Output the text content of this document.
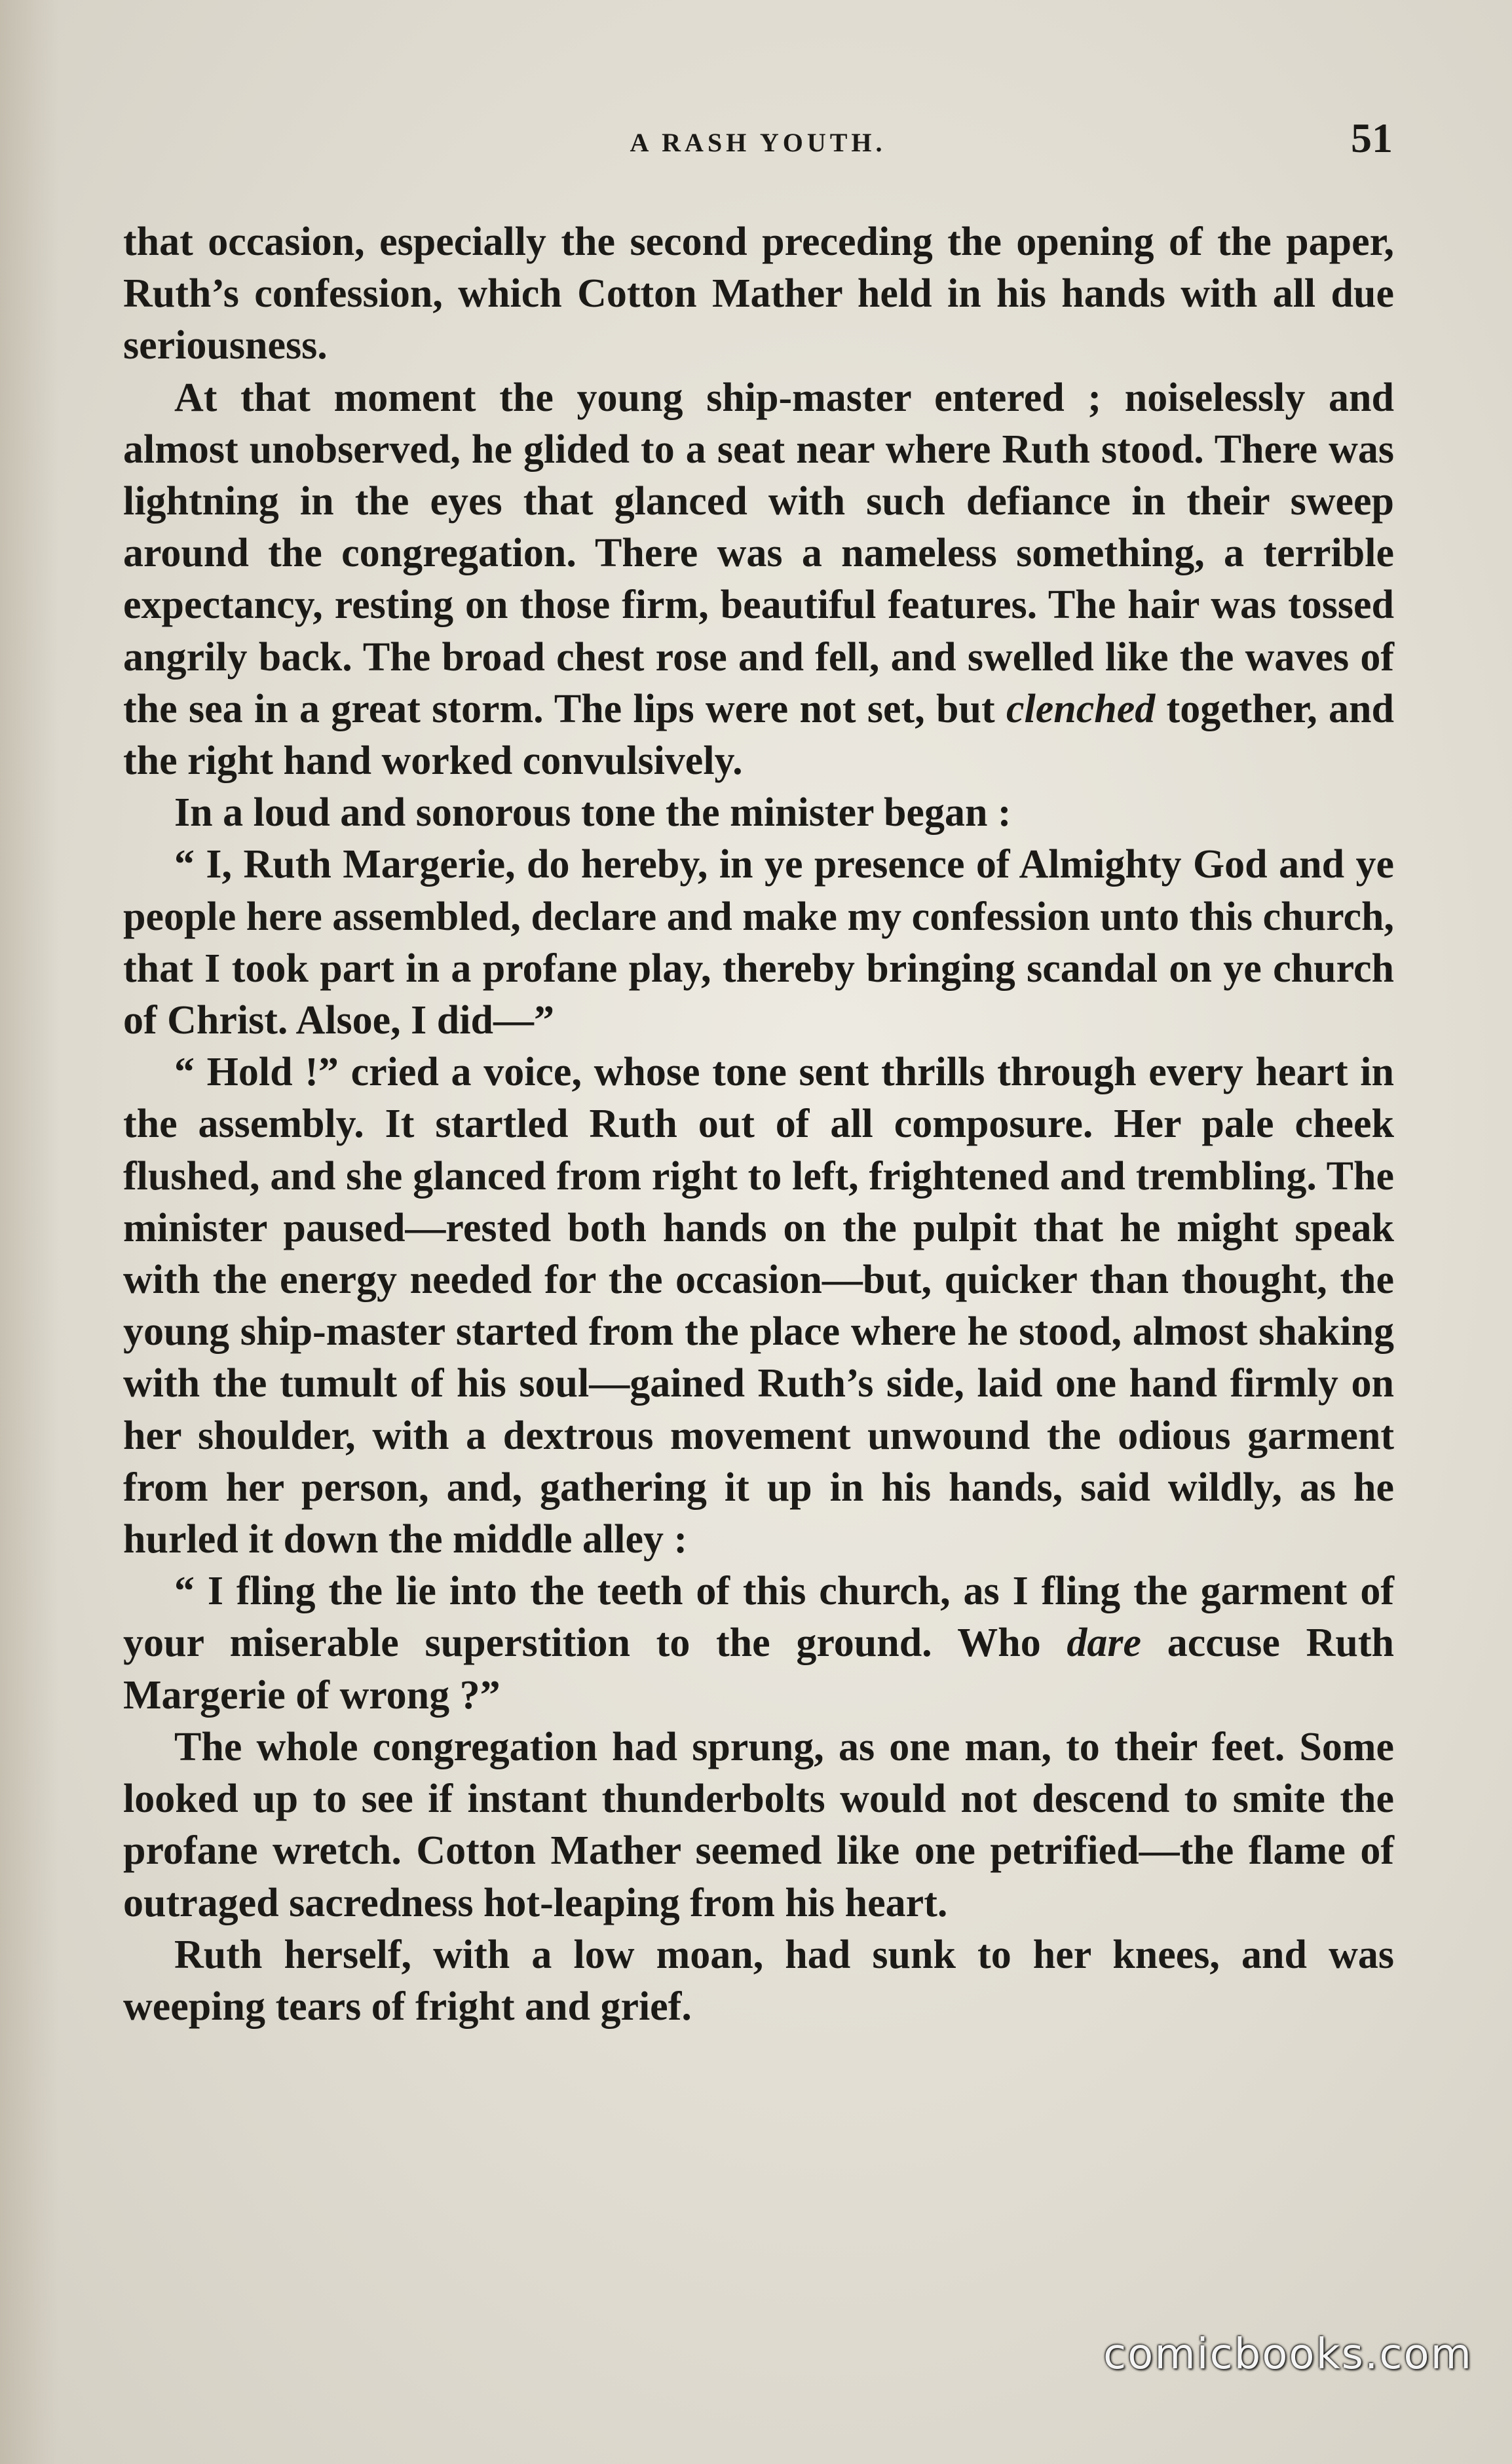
A RASH YOUTH.	51

that occasion, especially the second preceding the opening of the paper, Ruth’s confession, which Cotton Mather held in his hands with all due seriousness.

At that moment the young ship-master entered ; noiselessly and almost unobserved, he glided to a seat near where Ruth stood. There was lightning in the eyes that glanced with such defiance in their sweep around the congregation. There was a nameless something, a terrible expectancy, resting on those firm, beautiful features. The hair was tossed angrily back. The broad chest rose and fell, and swelled like the waves of the sea in a great storm. The lips were not set, but clenched together, and the right hand worked convulsively.

In a loud and sonorous tone the minister began :

“ I, Ruth Margerie, do hereby, in ye presence of Almighty God and ye people here assembled, declare and make my confession unto this church, that I took part in a profane play, thereby bringing scandal on ye church of Christ. Alsoe, I did—”

“ Hold !” cried a voice, whose tone sent thrills through every heart in the assembly. It startled Ruth out of all composure. Her pale cheek flushed, and she glanced from right to left, frightened and trembling. The minister paused—rested both hands on the pulpit that he might speak with the energy needed for the occasion—but, quicker than thought, the young ship-master started from the place where he stood, almost shaking with the tumult of his soul—gained Ruth’s side, laid one hand firmly on her shoulder, with a dextrous movement unwound the odious garment from her person, and, gathering it up in his hands, said wildly, as he hurled it down the middle alley :

“ I fling the lie into the teeth of this church, as I fling the garment of your miserable superstition to the ground. Who dare accuse Ruth Margerie of wrong ?”

The whole congregation had sprung, as one man, to their feet. Some looked up to see if instant thunderbolts would not descend to smite the profane wretch. Cotton Mather seemed like one petrified—the flame of outraged sacredness hot-leaping from his heart.

Ruth herself, with a low moan, had sunk to her knees, and was weeping tears of fright and grief.

comicbooks.com
